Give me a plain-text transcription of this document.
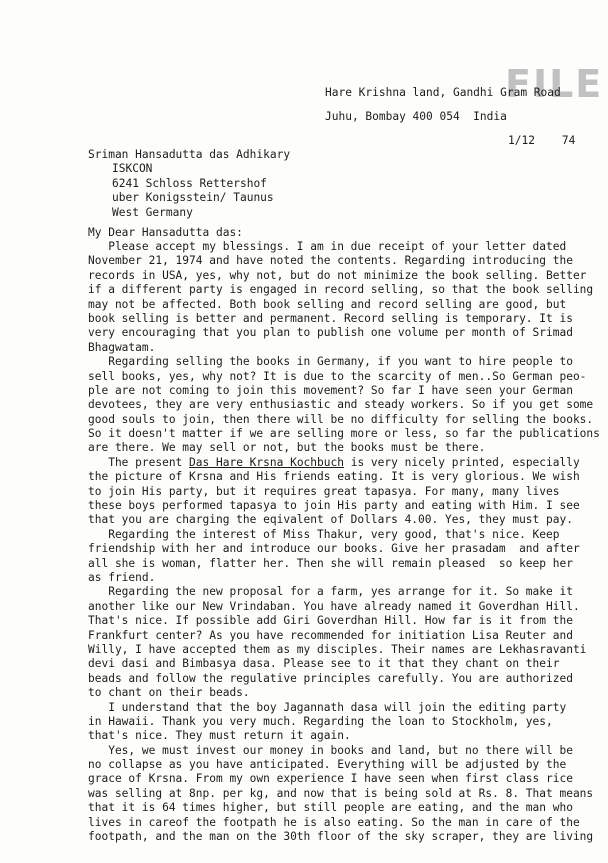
FILE
Hare Krishna land, Gandhi Gram Road
Juhu, Bombay 400 054  India
1/12    74
Sriman Hansadutta das Adhikary
ISKCON
6241 Schloss Rettershof
uber Konigsstein/ Taunus
West Germany
My Dear Hansadutta das:
Please accept my blessings. I am in due receipt of your letter dated
November 21, 1974 and have noted the contents. Regarding introducing the
records in USA, yes, why not, but do not minimize the book selling. Better
if a different party is engaged in record selling, so that the book selling
may not be affected. Both book selling and record selling are good, but
book selling is better and permanent. Record selling is temporary. It is
very encouraging that you plan to publish one volume per month of Srimad
Bhagwatam.
Regarding selling the books in Germany, if you want to hire people to
sell books, yes, why not? It is due to the scarcity of men..So German peo-
ple are not coming to join this movement? So far I have seen your German
devotees, they are very enthusiastic and steady workers. So if you get some
good souls to join, then there will be no difficulty for selling the books.
So it doesn't matter if we are selling more or less, so far the publications
are there. We may sell or not, but the books must be there.
The present Das Hare Krsna Kochbuch is very nicely printed, especially
the picture of Krsna and His friends eating. It is very glorious. We wish
to join His party, but it requires great tapasya. For many, many lives
these boys performed tapasya to join His party and eating with Him. I see
that you are charging the eqivalent of Dollars 4.00. Yes, they must pay.
Regarding the interest of Miss Thakur, very good, that's nice. Keep
friendship with her and introduce our books. Give her prasadam  and after
all she is woman, flatter her. Then she will remain pleased  so keep her
as friend.
Regarding the new proposal for a farm, yes arrange for it. So make it
another like our New Vrindaban. You have already named it Goverdhan Hill.
That's nice. If possible add Giri Goverdhan Hill. How far is it from the
Frankfurt center? As you have recommended for initiation Lisa Reuter and
Willy, I have accepted them as my disciples. Their names are Lekhasravanti
devi dasi and Bimbasya dasa. Please see to it that they chant on their
beads and follow the regulative principles carefully. You are authorized
to chant on their beads.
I understand that the boy Jagannath dasa will join the editing party
in Hawaii. Thank you very much. Regarding the loan to Stockholm, yes,
that's nice. They must return it again.
Yes, we must invest our money in books and land, but no there will be
no collapse as you have anticipated. Everything will be adjusted by the
grace of Krsna. From my own experience I have seen when first class rice
was selling at 8np. per kg, and now that is being sold at Rs. 8. That means
that it is 64 times higher, but still people are eating, and the man who
lives in careof the footpath he is also eating. So the man in care of the
footpath, and the man on the 30th floor of the sky scraper, they are living
